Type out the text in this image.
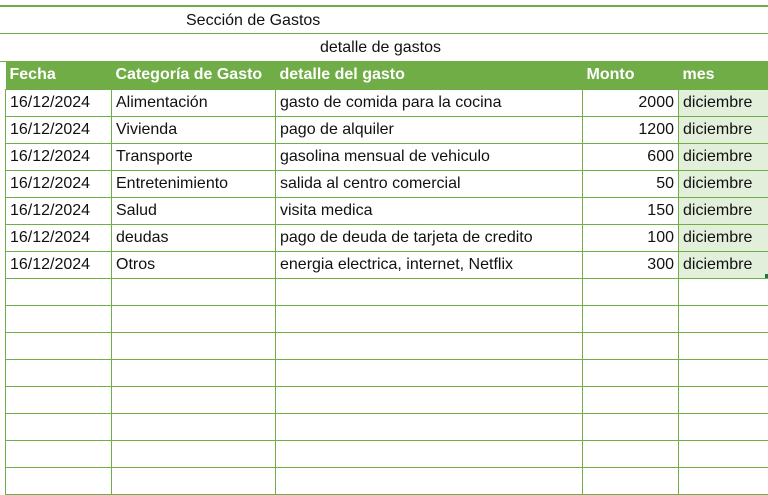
Sección de Gastos
detalle de gastos
Fecha	Categoría de Gasto	detalle del gasto	Monto	mes
16/12/2024	Alimentación	gasto de comida para la cocina	2000	diciembre
16/12/2024	Vivienda	pago de alquiler	1200	diciembre
16/12/2024	Transporte	gasolina mensual de vehiculo	600	diciembre
16/12/2024	Entretenimiento	salida al centro comercial	50	diciembre
16/12/2024	Salud	visita medica	150	diciembre
16/12/2024	deudas	pago de deuda de tarjeta de credito	100	diciembre
16/12/2024	Otros	energia electrica, internet, Netflix	300	diciembre
